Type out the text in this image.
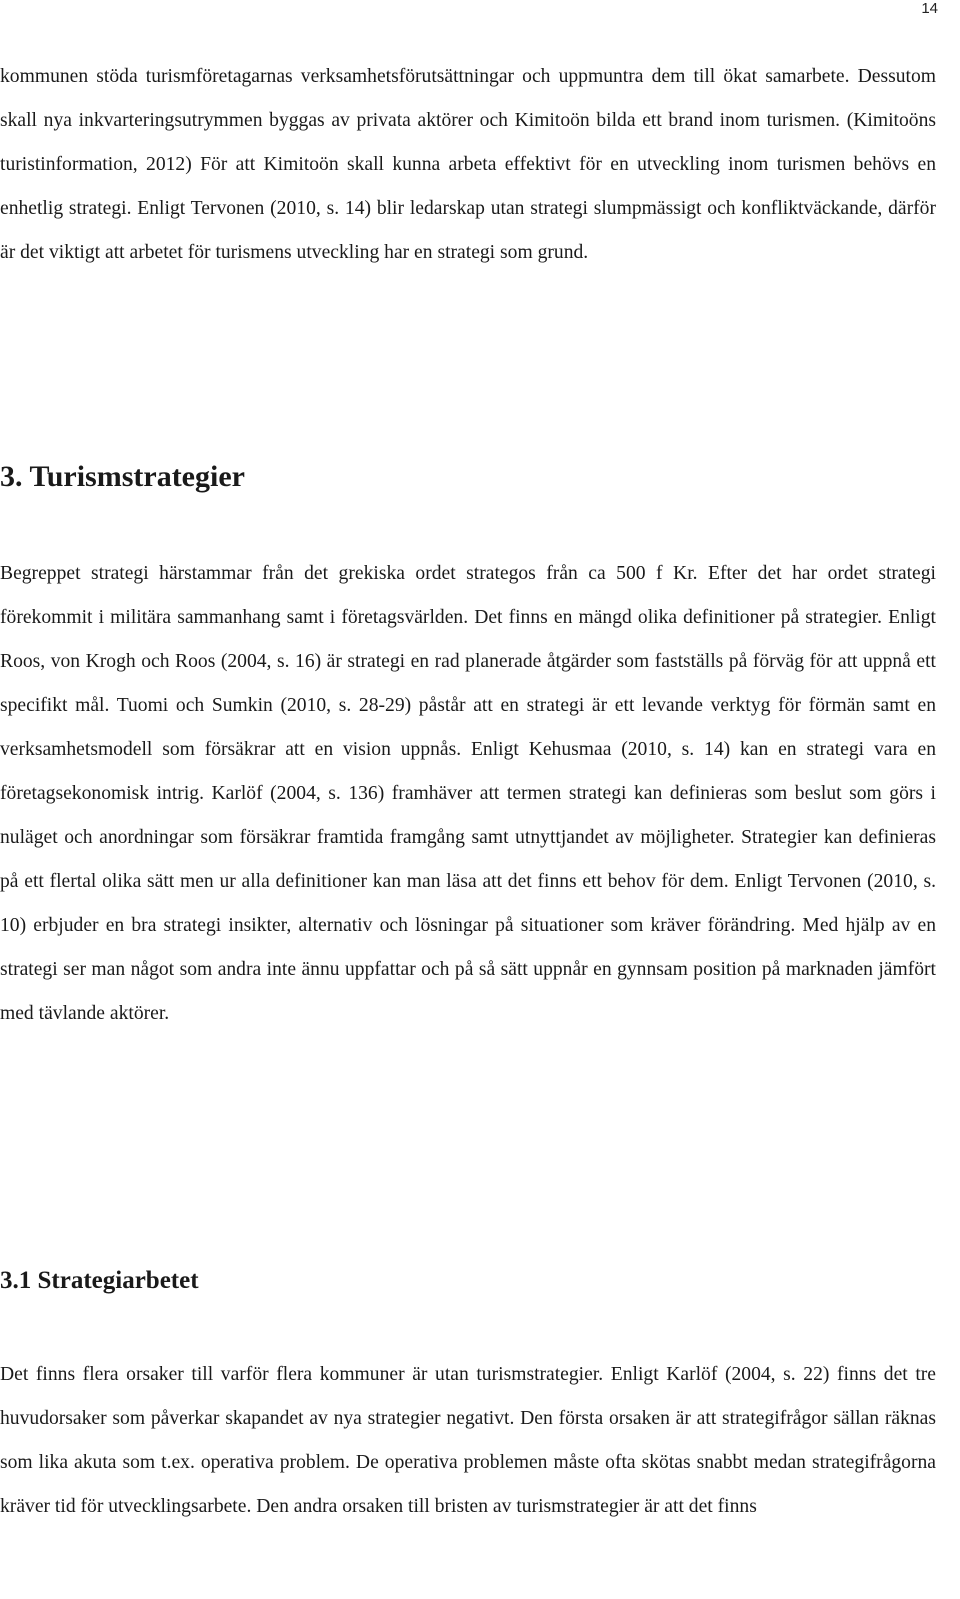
14

kommunen stöda turismföretagarnas verksamhetsförutsättningar och uppmuntra dem till ökat samarbete. Dessutom skall nya inkvarteringsutrymmen byggas av privata aktörer och Kimitoön bilda ett brand inom turismen. (Kimitoöns turistinformation, 2012) För att Kimitoön skall kunna arbeta effektivt för en utveckling inom turismen behövs en enhetlig strategi. Enligt Tervonen (2010, s. 14) blir ledarskap utan strategi slumpmässigt och konfliktväckande, därför är det viktigt att arbetet för turismens utveckling har en strategi som grund.

3. Turismstrategier

Begreppet strategi härstammar från det grekiska ordet strategos från ca 500 f Kr. Efter det har ordet strategi förekommit i militära sammanhang samt i företagsvärlden. Det finns en mängd olika definitioner på strategier. Enligt Roos, von Krogh och Roos (2004, s. 16) är strategi en rad planerade åtgärder som fastställs på förväg för att uppnå ett specifikt mål. Tuomi och Sumkin (2010, s. 28-29) påstår att en strategi är ett levande verktyg för förmän samt en verksamhetsmodell som försäkrar att en vision uppnås. Enligt Kehusmaa (2010, s. 14) kan en strategi vara en företagsekonomisk intrig. Karlöf (2004, s. 136) framhäver att termen strategi kan definieras som beslut som görs i nuläget och anordningar som försäkrar framtida framgång samt utnyttjandet av möjligheter. Strategier kan definieras på ett flertal olika sätt men ur alla definitioner kan man läsa att det finns ett behov för dem. Enligt Tervonen (2010, s. 10) erbjuder en bra strategi insikter, alternativ och lösningar på situationer som kräver förändring. Med hjälp av en strategi ser man något som andra inte ännu uppfattar och på så sätt uppnår en gynnsam position på marknaden jämfört med tävlande aktörer.

3.1 Strategiarbetet

Det finns flera orsaker till varför flera kommuner är utan turismstrategier. Enligt Karlöf (2004, s. 22) finns det tre huvudorsaker som påverkar skapandet av nya strategier negativt. Den första orsaken är att strategifrågor sällan räknas som lika akuta som t.ex. operativa problem. De operativa problemen måste ofta skötas snabbt medan strategifrågorna kräver tid för utvecklingsarbete. Den andra orsaken till bristen av turismstrategier är att det finns
